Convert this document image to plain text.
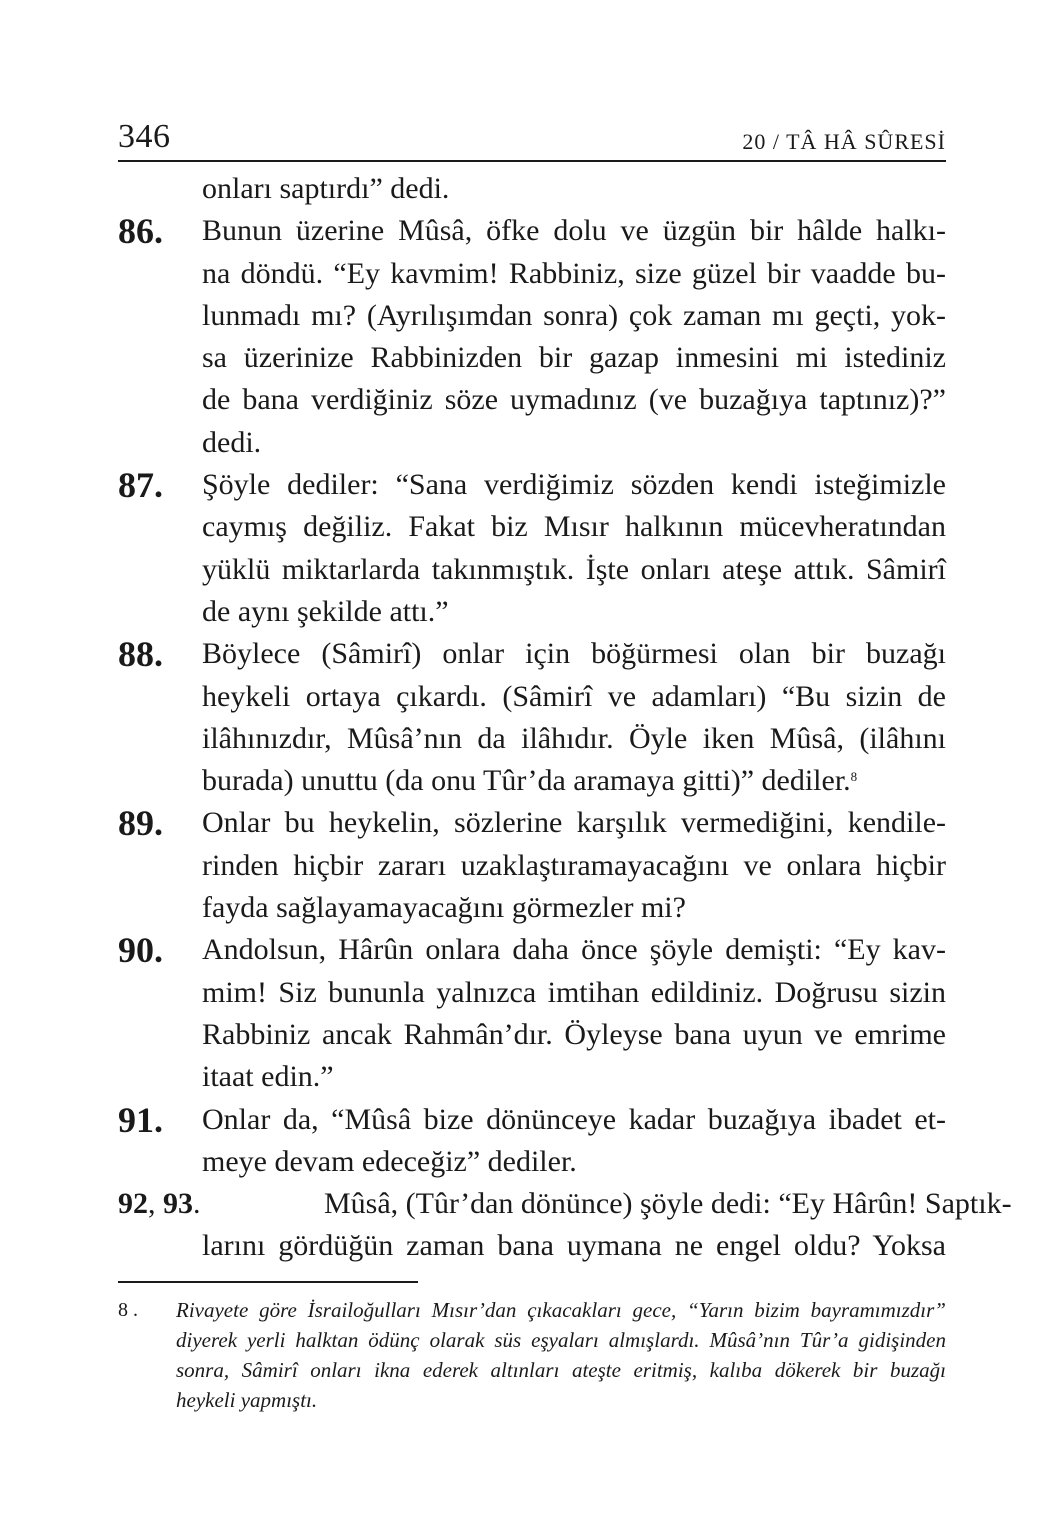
346	20 / TÂ HÂ SÛRESİ
onları saptırdı” dedi.
86. Bunun üzerine Mûsâ, öfke dolu ve üzgün bir hâlde halkı-
na döndü. “Ey kavmim! Rabbiniz, size güzel bir vaadde bu-
lunmadı mı? (Ayrılışımdan sonra) çok zaman mı geçti, yok-
sa üzerinize Rabbinizden bir gazap inmesini mi istediniz
de bana verdiğiniz söze uymadınız (ve buzağıya taptınız)?”
dedi.
87. Şöyle dediler: “Sana verdiğimiz sözden kendi isteğimizle
caymış değiliz. Fakat biz Mısır halkının mücevheratından
yüklü miktarlarda takınmıştık. İşte onları ateşe attık. Sâmirî
de aynı şekilde attı.”
88. Böylece (Sâmirî) onlar için böğürmesi olan bir buzağı
heykeli ortaya çıkardı. (Sâmirî ve adamları) “Bu sizin de
ilâhınızdır, Mûsâ’nın da ilâhıdır. Öyle iken Mûsâ, (ilâhını
burada) unuttu (da onu Tûr’da aramaya gitti)” dediler.$^8$
89. Onlar bu heykelin, sözlerine karşılık vermediğini, kendile-
rinden hiçbir zararı uzaklaştıramayacağını ve onlara hiçbir
fayda sağlayamayacağını görmezler mi?
90. Andolsun, Hârûn onlara daha önce şöyle demişti: “Ey kav-
mim! Siz bununla yalnızca imtihan edildiniz. Doğrusu sizin
Rabbiniz ancak Rahmân’dır. Öyleyse bana uyun ve emrime
itaat edin.”
91. Onlar da, “Mûsâ bize dönünceye kadar buzağıya ibadet et-
meye devam edeceğiz” dediler.
92, 93.	Mûsâ, (Tûr’dan dönünce) şöyle dedi: “Ey Hârûn! Saptık-
larını gördüğün zaman bana uymana ne engel oldu? Yoksa
8 . Rivayete göre İsrailoğulları Mısır’dan çıkacakları gece, “Yarın bizim bayramımızdır”
diyerek yerli halktan ödünç olarak süs eşyaları almışlardı. Mûsâ’nın Tûr’a gidişinden
sonra, Sâmirî onları ikna ederek altınları ateşte eritmiş, kalıba dökerek bir buzağı
heykeli yapmıştı.
